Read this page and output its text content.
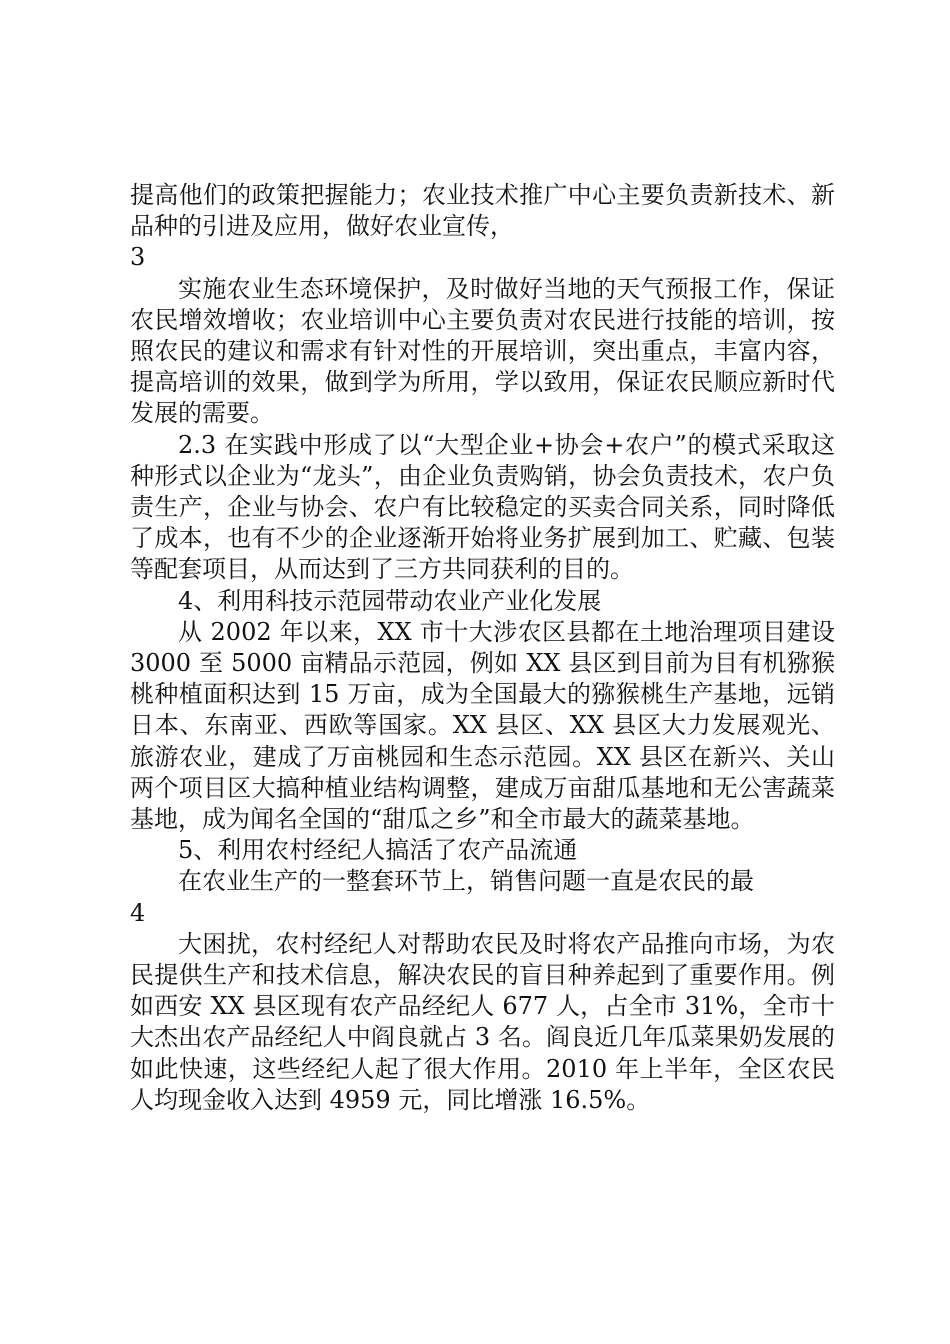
提高他们的政策把握能力；农业技术推广中心主要负责新技术、新品种的引进及应用，做好农业宣传，

3

实施农业生态环境保护，及时做好当地的天气预报工作，保证农民增效增收；农业培训中心主要负责对农民进行技能的培训，按照农民的建议和需求有针对性的开展培训，突出重点，丰富内容，提高培训的效果，做到学为所用，学以致用，保证农民顺应新时代发展的需要。

2.3 在实践中形成了以“大型企业+协会+农户”的模式采取这种形式以企业为“龙头”，由企业负责购销，协会负责技术，农户负责生产，企业与协会、农户有比较稳定的买卖合同关系，同时降低了成本，也有不少的企业逐渐开始将业务扩展到加工、贮藏、包装等配套项目，从而达到了三方共同获利的目的。

4、利用科技示范园带动农业产业化发展

从 2002 年以来，XX 市十大涉农区县都在土地治理项目建设 3000 至 5000 亩精品示范园，例如 XX 县区到目前为目有机猕猴桃种植面积达到 15 万亩，成为全国最大的猕猴桃生产基地，远销日本、东南亚、西欧等国家。XX 县区、XX 县区大力发展观光、旅游农业，建成了万亩桃园和生态示范园。XX 县区在新兴、关山两个项目区大搞种植业结构调整，建成万亩甜瓜基地和无公害蔬菜基地，成为闻名全国的“甜瓜之乡”和全市最大的蔬菜基地。

5、利用农村经纪人搞活了农产品流通

在农业生产的一整套环节上，销售问题一直是农民的最

4

大困扰，农村经纪人对帮助农民及时将农产品推向市场，为农民提供生产和技术信息，解决农民的盲目种养起到了重要作用。例如西安 XX 县区现有农产品经纪人 677 人，占全市 31%，全市十大杰出农产品经纪人中阎良就占 3 名。阎良近几年瓜菜果奶发展的如此快速，这些经纪人起了很大作用。2010 年上半年，全区农民人均现金收入达到 4959 元，同比增涨 16.5%。
